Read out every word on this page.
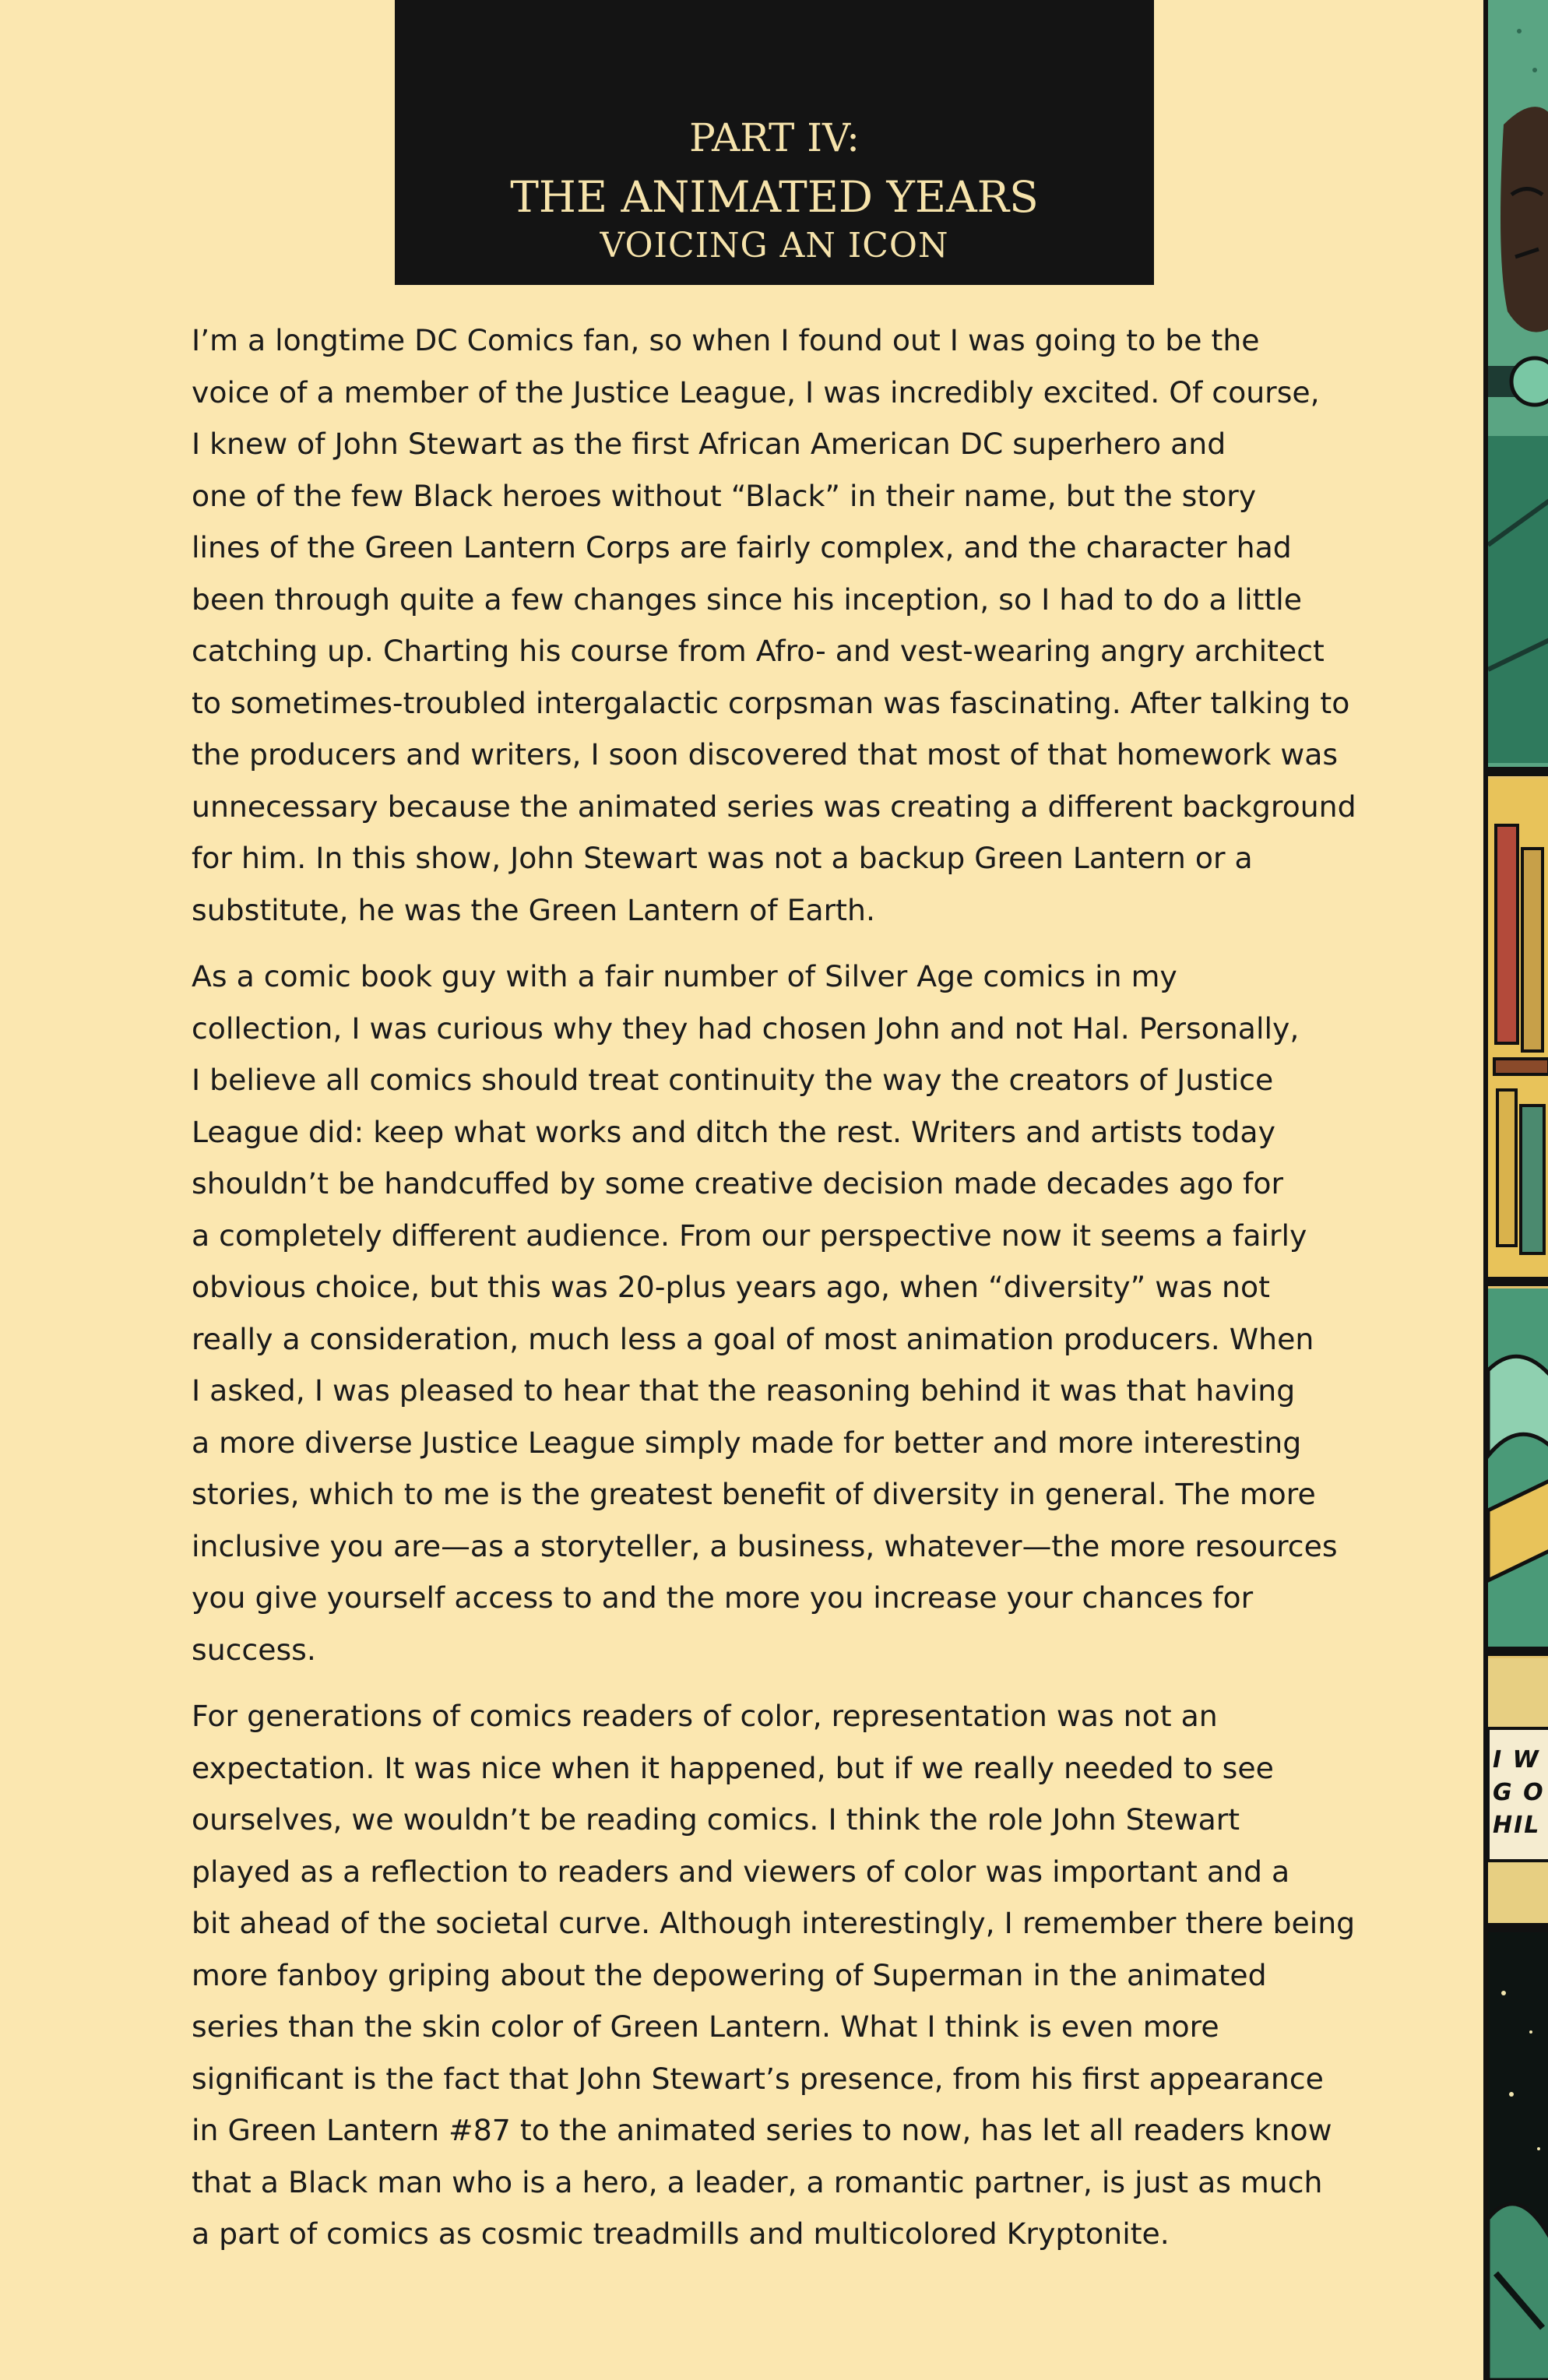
PART IV:
THE ANIMATED YEARS
VOICING AN ICON
I’m a longtime DC Comics fan, so when I found out I was going to be the
voice of a member of the Justice League, I was incredibly excited. Of course,
I knew of John Stewart as the first African American DC superhero and
one of the few Black heroes without “Black” in their name, but the story
lines of the Green Lantern Corps are fairly complex, and the character had
been through quite a few changes since his inception, so I had to do a little
catching up. Charting his course from Afro- and vest-wearing angry architect
to sometimes-troubled intergalactic corpsman was fascinating. After talking to
the producers and writers, I soon discovered that most of that homework was
unnecessary because the animated series was creating a different background
for him. In this show, John Stewart was not a backup Green Lantern or a
substitute, he was the Green Lantern of Earth.
As a comic book guy with a fair number of Silver Age comics in my
collection, I was curious why they had chosen John and not Hal. Personally,
I believe all comics should treat continuity the way the creators of Justice
League did: keep what works and ditch the rest. Writers and artists today
shouldn’t be handcuffed by some creative decision made decades ago for
a completely different audience. From our perspective now it seems a fairly
obvious choice, but this was 20-plus years ago, when “diversity” was not
really a consideration, much less a goal of most animation producers. When
I asked, I was pleased to hear that the reasoning behind it was that having
a more diverse Justice League simply made for better and more interesting
stories, which to me is the greatest benefit of diversity in general. The more
inclusive you are—as a storyteller, a business, whatever—the more resources
you give yourself access to and the more you increase your chances for
success.
For generations of comics readers of color, representation was not an
expectation. It was nice when it happened, but if we really needed to see
ourselves, we wouldn’t be reading comics. I think the role John Stewart
played as a reflection to readers and viewers of color was important and a
bit ahead of the societal curve. Although interestingly, I remember there being
more fanboy griping about the depowering of Superman in the animated
series than the skin color of Green Lantern. What I think is even more
significant is the fact that John Stewart’s presence, from his first appearance
in Green Lantern #87 to the animated series to now, has let all readers know
that a Black man who is a hero, a leader, a romantic partner, is just as much
a part of comics as cosmic treadmills and multicolored Kryptonite.
I W
G O
HIL
